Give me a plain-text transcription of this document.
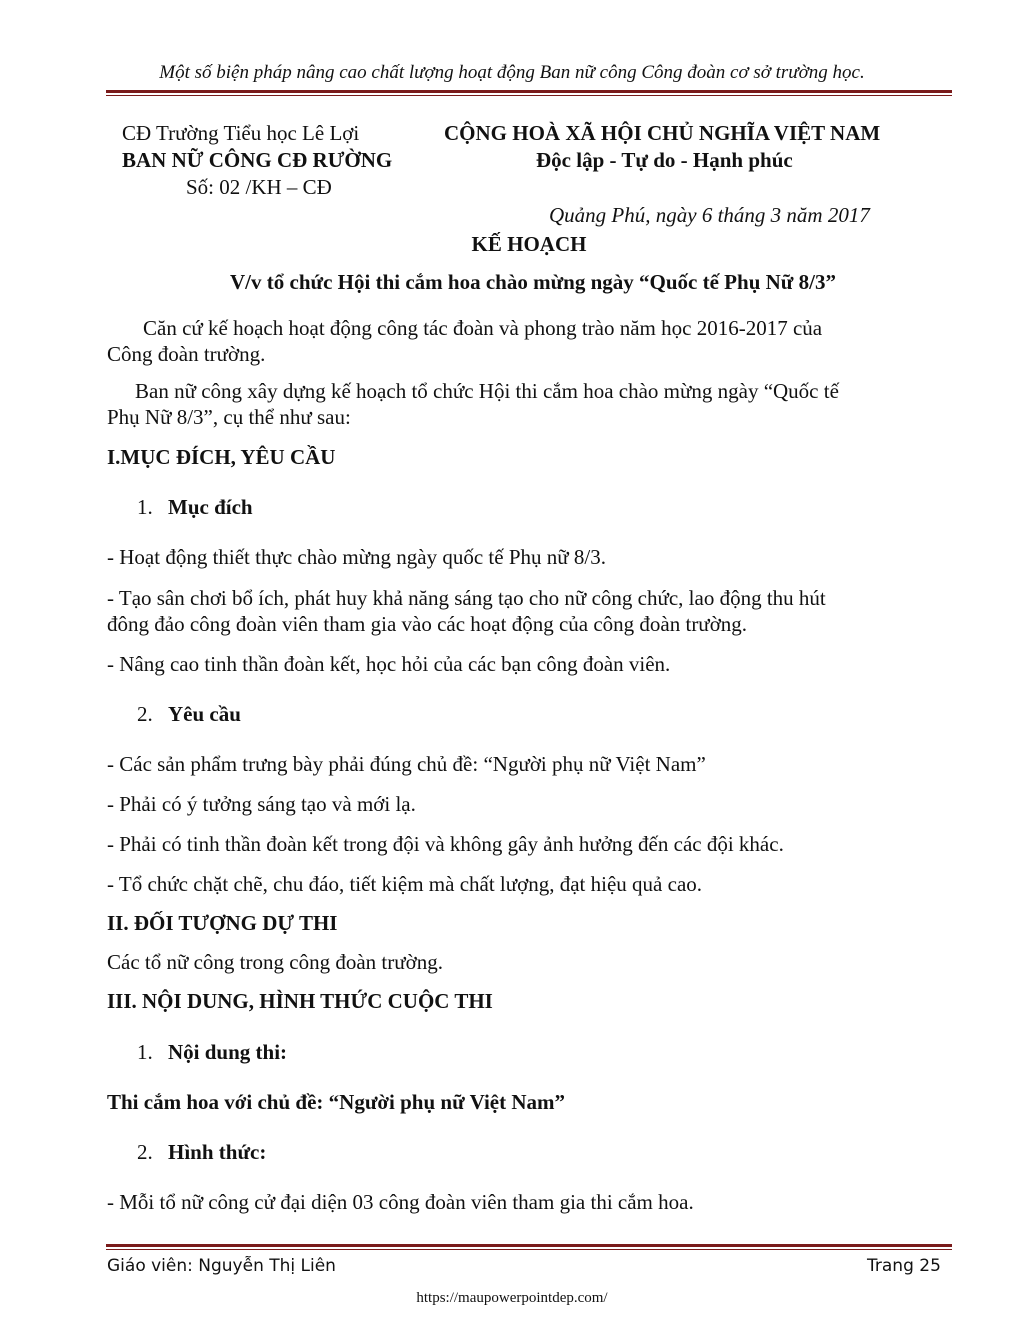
Một số biện pháp nâng cao chất lượng hoạt động Ban nữ công Công đoàn cơ sở trường học.
CĐ Trường Tiểu học Lê Lợi
BAN NỮ CÔNG CĐ RƯỜNG
Số: 02 /KH – CĐ
CỘNG HOÀ XÃ HỘI CHỦ NGHĨA VIỆT NAM
Độc lập - Tự do - Hạnh phúc
Quảng Phú, ngày 6 tháng 3 năm 2017
KẾ HOẠCH
V/v tổ chức Hội thi cắm hoa chào mừng ngày “Quốc tế Phụ Nữ 8/3”
Căn cứ kế hoạch hoạt động công tác đoàn và phong trào năm học 2016-2017 của
Công đoàn trường.
Ban nữ công xây dựng kế hoạch tổ chức Hội thi cắm hoa chào mừng ngày “Quốc tế
Phụ Nữ 8/3”, cụ thể như sau:
I.MỤC ĐÍCH, YÊU CẦU
1. Mục đích
- Hoạt động thiết thực chào mừng ngày quốc tế Phụ nữ 8/3.
- Tạo sân chơi bổ ích, phát huy khả năng sáng tạo cho nữ công chức, lao động thu hút
đông đảo công đoàn viên tham gia vào các hoạt động của công đoàn trường.
- Nâng cao tinh thần đoàn kết, học hỏi của các bạn công đoàn viên.
2. Yêu cầu
- Các sản phẩm trưng bày phải đúng chủ đề: “Người phụ nữ Việt Nam”
- Phải có ý tưởng sáng tạo và mới lạ.
- Phải có tinh thần đoàn kết trong đội và không gây ảnh hưởng đến các đội khác.
- Tổ chức chặt chẽ, chu đáo, tiết kiệm mà chất lượng, đạt hiệu quả cao.
II. ĐỐI TƯỢNG DỰ THI
Các tổ nữ công trong công đoàn trường.
III. NỘI DUNG, HÌNH THỨC CUỘC THI
1. Nội dung thi:
Thi cắm hoa với chủ đề: “Người phụ nữ Việt Nam”
2. Hình thức:
- Mỗi tổ nữ công cử đại diện 03 công đoàn viên tham gia thi cắm hoa.
Giáo viên: Nguyễn Thị Liên	Trang 25
https://maupowerpointdep.com/
